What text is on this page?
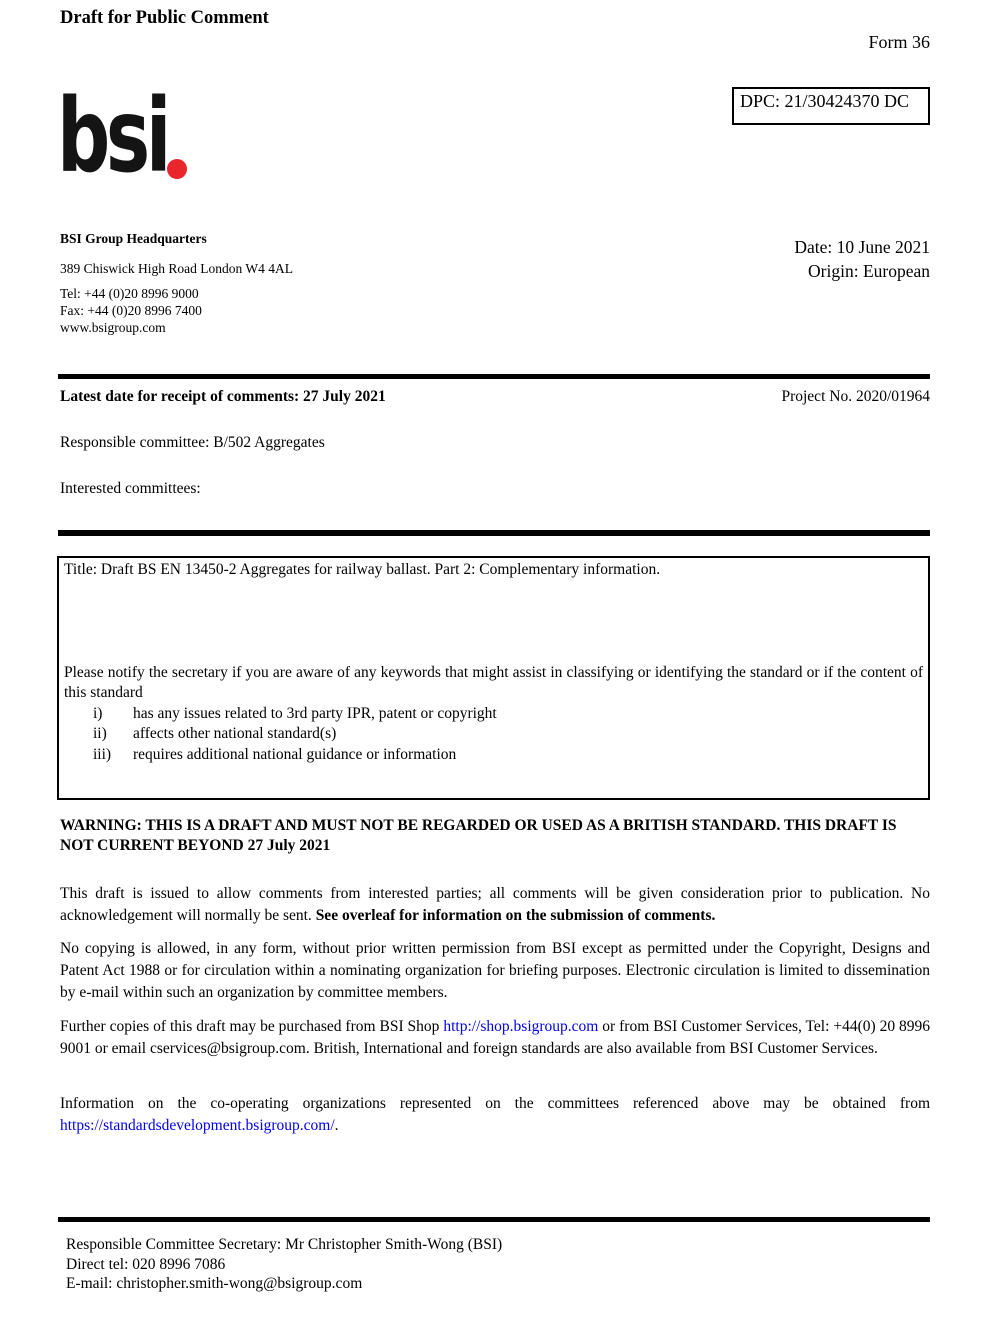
Draft for Public Comment
Form 36
DPC: 21/30424370 DC
bsi
BSI Group Headquarters
389 Chiswick High Road London W4 4AL
Tel: +44 (0)20 8996 9000
Fax: +44 (0)20 8996 7400
www.bsigroup.com
Date: 10 June 2021
Origin: European
Latest date for receipt of comments: 27 July 2021	Project No. 2020/01964
Responsible committee: B/502 Aggregates
Interested committees:
Title: Draft BS EN 13450-2 Aggregates for railway ballast. Part 2: Complementary information.
Please notify the secretary if you are aware of any keywords that might assist in classifying or identifying the standard or if the content of this standard
i) has any issues related to 3rd party IPR, patent or copyright
ii) affects other national standard(s)
iii) requires additional national guidance or information
WARNING: THIS IS A DRAFT AND MUST NOT BE REGARDED OR USED AS A BRITISH STANDARD. THIS DRAFT IS NOT CURRENT BEYOND 27 July 2021

This draft is issued to allow comments from interested parties; all comments will be given consideration prior to publication. No acknowledgement will normally be sent. See overleaf for information on the submission of comments.

No copying is allowed, in any form, without prior written permission from BSI except as permitted under the Copyright, Designs and Patent Act 1988 or for circulation within a nominating organization for briefing purposes. Electronic circulation is limited to dissemination by e-mail within such an organization by committee members.

Further copies of this draft may be purchased from BSI Shop http://shop.bsigroup.com or from BSI Customer Services, Tel: +44(0) 20 8996 9001 or email cservices@bsigroup.com. British, International and foreign standards are also available from BSI Customer Services.

Information on the co-operating organizations represented on the committees referenced above may be obtained from https://standardsdevelopment.bsigroup.com/.

Responsible Committee Secretary: Mr Christopher Smith-Wong (BSI)
Direct tel: 020 8996 7086
E-mail: christopher.smith-wong@bsigroup.com
